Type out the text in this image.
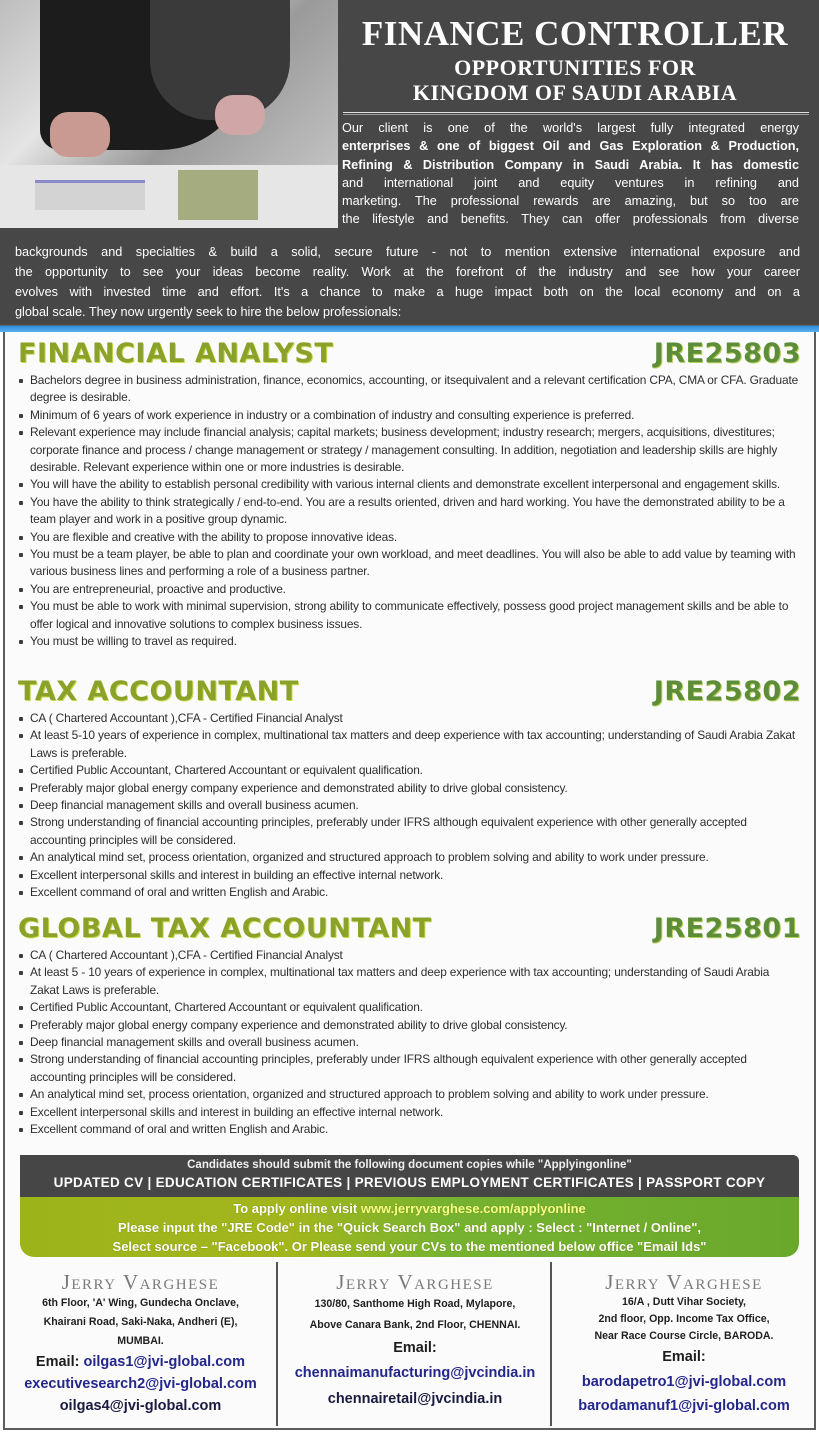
FINANCE CONTROLLER
OPPORTUNITIES FOR
KINGDOM OF SAUDI ARABIA
Our client is one of the world's largest fully integrated energy
enterprises & one of biggest Oil and Gas Exploration & Production,
Refining & Distribution Company in Saudi Arabia. It has domestic
and international joint and equity ventures in refining and
marketing. The professional rewards are amazing, but so too are
the lifestyle and benefits. They can offer professionals from diverse
backgrounds and specialties & build a solid, secure future - not to mention extensive international exposure and
the opportunity to see your ideas become reality. Work at the forefront of the industry and see how your career
evolves with invested time and effort. It's a chance to make a huge impact both on the local economy and on a
global scale. They now urgently seek to hire the below professionals:
FINANCIAL ANALYST	JRE25803
Bachelors degree in business administration, finance, economics, accounting, or itsequivalent and a relevant certification CPA, CMA or CFA. Graduate degree is desirable.
Minimum of 6 years of work experience in industry or a combination of industry and consulting experience is preferred.
Relevant experience may include financial analysis; capital markets; business development; industry research; mergers, acquisitions, divestitures; corporate finance and process / change management or strategy / management consulting. In addition, negotiation and leadership skills are highly desirable. Relevant experience within one or more industries is desirable.
You will have the ability to establish personal credibility with various internal clients and demonstrate excellent interpersonal and engagement skills.
You have the ability to think strategically / end-to-end. You are a results oriented, driven and hard working. You have the demonstrated ability to be a team player and work in a positive group dynamic.
You are flexible and creative with the ability to propose innovative ideas.
You must be a team player, be able to plan and coordinate your own workload, and meet deadlines. You will also be able to add value by teaming with various business lines and performing a role of a business partner.
You are entrepreneurial, proactive and productive.
You must be able to work with minimal supervision, strong ability to communicate effectively, possess good project management skills and be able to offer logical and innovative solutions to complex business issues.
You must be willing to travel as required.
TAX ACCOUNTANT	JRE25802
CA ( Chartered Accountant ),CFA - Certified Financial Analyst
At least 5-10 years of experience in complex, multinational tax matters and deep experience with tax accounting; understanding of Saudi Arabia Zakat Laws is preferable.
Certified Public Accountant, Chartered Accountant or equivalent qualification.
Preferably major global energy company experience and demonstrated ability to drive global consistency.
Deep financial management skills and overall business acumen.
Strong understanding of financial accounting principles, preferably under IFRS although equivalent experience with other generally accepted accounting principles will be considered.
An analytical mind set, process orientation, organized and structured approach to problem solving and ability to work under pressure.
Excellent interpersonal skills and interest in building an effective internal network.
Excellent command of oral and written English and Arabic.
GLOBAL TAX ACCOUNTANT	JRE25801
CA ( Chartered Accountant ),CFA - Certified Financial Analyst
At least 5 - 10 years of experience in complex, multinational tax matters and deep experience with tax accounting; understanding of Saudi Arabia Zakat Laws is preferable.
Certified Public Accountant, Chartered Accountant or equivalent qualification.
Preferably major global energy company experience and demonstrated ability to drive global consistency.
Deep financial management skills and overall business acumen.
Strong understanding of financial accounting principles, preferably under IFRS although equivalent experience with other generally accepted accounting principles will be considered.
An analytical mind set, process orientation, organized and structured approach to problem solving and ability to work under pressure.
Excellent interpersonal skills and interest in building an effective internal network.
Excellent command of oral and written English and Arabic.
Candidates should submit the following document copies while "Applyingonline"
UPDATED CV | EDUCATION CERTIFICATES | PREVIOUS EMPLOYMENT CERTIFICATES | PASSPORT COPY
To apply online visit www.jerryvarghese.com/applyonline
Please input the "JRE Code" in the "Quick Search Box" and apply : Select : "Internet / Online",
Select source – "Facebook". Or Please send your CVs to the mentioned below office "Email Ids"
Jerry Varghese
6th Floor, 'A' Wing, Gundecha Onclave,
Khairani Road, Saki-Naka, Andheri (E),
MUMBAI.
Email: oilgas1@jvi-global.com
executivesearch2@jvi-global.com
oilgas4@jvi-global.com
Jerry Varghese
130/80, Santhome High Road, Mylapore,
Above Canara Bank, 2nd Floor, CHENNAI.
Email:
chennaimanufacturing@jvcindia.in
chennairetail@jvcindia.in
Jerry Varghese
16/A , Dutt Vihar Society,
2nd floor, Opp. Income Tax Office,
Near Race Course Circle, BARODA.
Email:
barodapetro1@jvi-global.com
barodamanuf1@jvi-global.com
